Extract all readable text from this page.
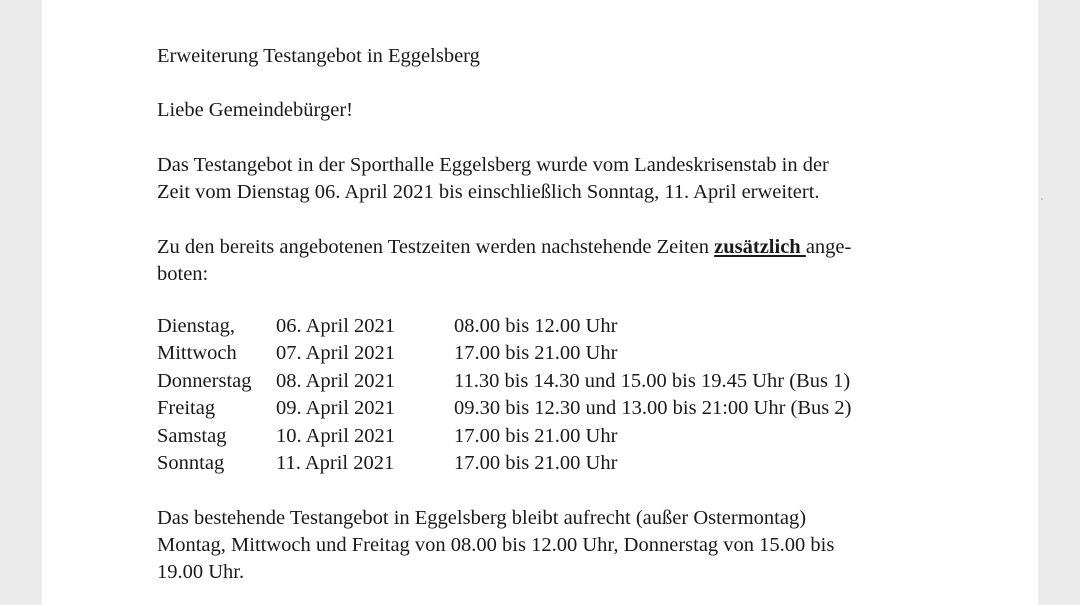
Erweiterung Testangebot in Eggelsberg
Liebe Gemeindebürger!
Das Testangebot in der Sporthalle Eggelsberg wurde vom Landeskrisenstab in der
Zeit vom Dienstag 06. April 2021 bis einschließlich Sonntag, 11. April erweitert.
Zu den bereits angebotenen Testzeiten werden nachstehende Zeiten zusätzlich ange-
boten:
Dienstag, 06. April 2021	08.00 bis 12.00 Uhr
Mittwoch 07. April 2021	17.00 bis 21.00 Uhr
Donnerstag 08. April 2021	11.30 bis 14.30 und 15.00 bis 19.45 Uhr (Bus 1)
Freitag	09. April 2021	09.30 bis 12.30 und 13.00 bis 21:00 Uhr (Bus 2)
Samstag 10. April 2021	17.00 bis 21.00 Uhr
Sonntag	11. April 2021	17.00 bis 21.00 Uhr
Das bestehende Testangebot in Eggelsberg bleibt aufrecht (außer Ostermontag)
Montag, Mittwoch und Freitag von 08.00 bis 12.00 Uhr, Donnerstag von 15.00 bis
19.00 Uhr.
